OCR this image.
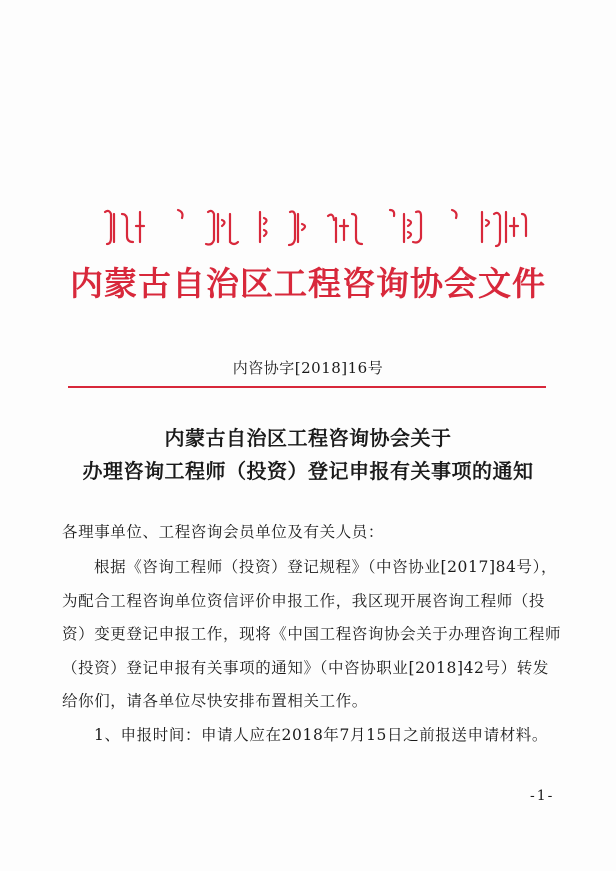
内蒙古自治区工程咨询协会文件
内咨协字[2018]16号
内蒙古自治区工程咨询协会关于
办理咨询工程师（投资）登记申报有关事项的通知
各理事单位、工程咨询会员单位及有关人员：
根据《咨询工程师（投资）登记规程》（中咨协业[2017]84号），
为配合工程咨询单位资信评价申报工作，我区现开展咨询工程师（投
资）变更登记申报工作，现将《中国工程咨询协会关于办理咨询工程师
（投资）登记申报有关事项的通知》（中咨协职业[2018]42号）转发
给你们，请各单位尽快安排布置相关工作。
1、申报时间：申请人应在2018年7月15日之前报送申请材料。
-1-
